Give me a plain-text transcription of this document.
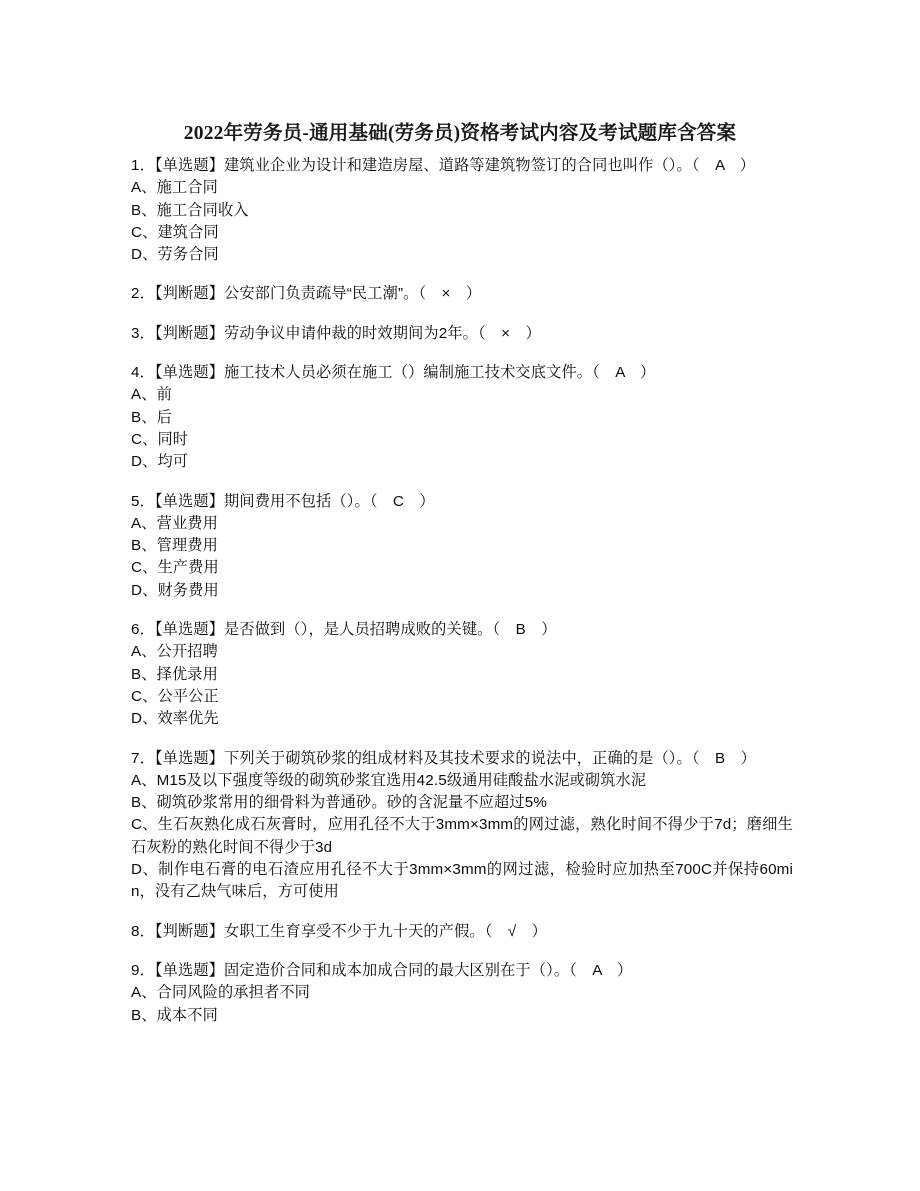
2022年劳务员-通用基础(劳务员)资格考试内容及考试题库含答案

1．【单选题】建筑业企业为设计和建造房屋、道路等建筑物签订的合同也叫作（）。（　A　）

A、施工合同

B、施工合同收入

C、建筑合同

D、劳务合同

2．【判断题】公安部门负责疏导“民工潮”。（　×　）

3．【判断题】劳动争议申请仲裁的时效期间为2年。（　×　）

4．【单选题】施工技术人员必须在施工（）编制施工技术交底文件。（　A　）

A、前

B、后

C、同时

D、均可

5．【单选题】期间费用不包括（）。（　C　）

A、营业费用

B、管理费用

C、生产费用

D、财务费用

6．【单选题】是否做到（），是人员招聘成败的关键。（　B　）

A、公开招聘

B、择优录用

C、公平公正

D、效率优先

7．【单选题】下列关于砌筑砂浆的组成材料及其技术要求的说法中，正确的是（）。（　B　）

A、M15及以下强度等级的砌筑砂浆宜选用42.5级通用硅酸盐水泥或砌筑水泥

B、砌筑砂浆常用的细骨料为普通砂。砂的含泥量不应超过5%

C、生石灰熟化成石灰膏时，应用孔径不大于3mm×3mm的网过滤，熟化时间不得少于7d；磨细生石灰粉的熟化时间不得少于3d

D、制作电石膏的电石渣应用孔径不大于3mm×3mm的网过滤，检验时应加热至700C并保持60min，没有乙炔气味后，方可使用

8．【判断题】女职工生育享受不少于九十天的产假。（　√　）

9．【单选题】固定造价合同和成本加成合同的最大区别在于（）。（　A　）

A、合同风险的承担者不同

B、成本不同
